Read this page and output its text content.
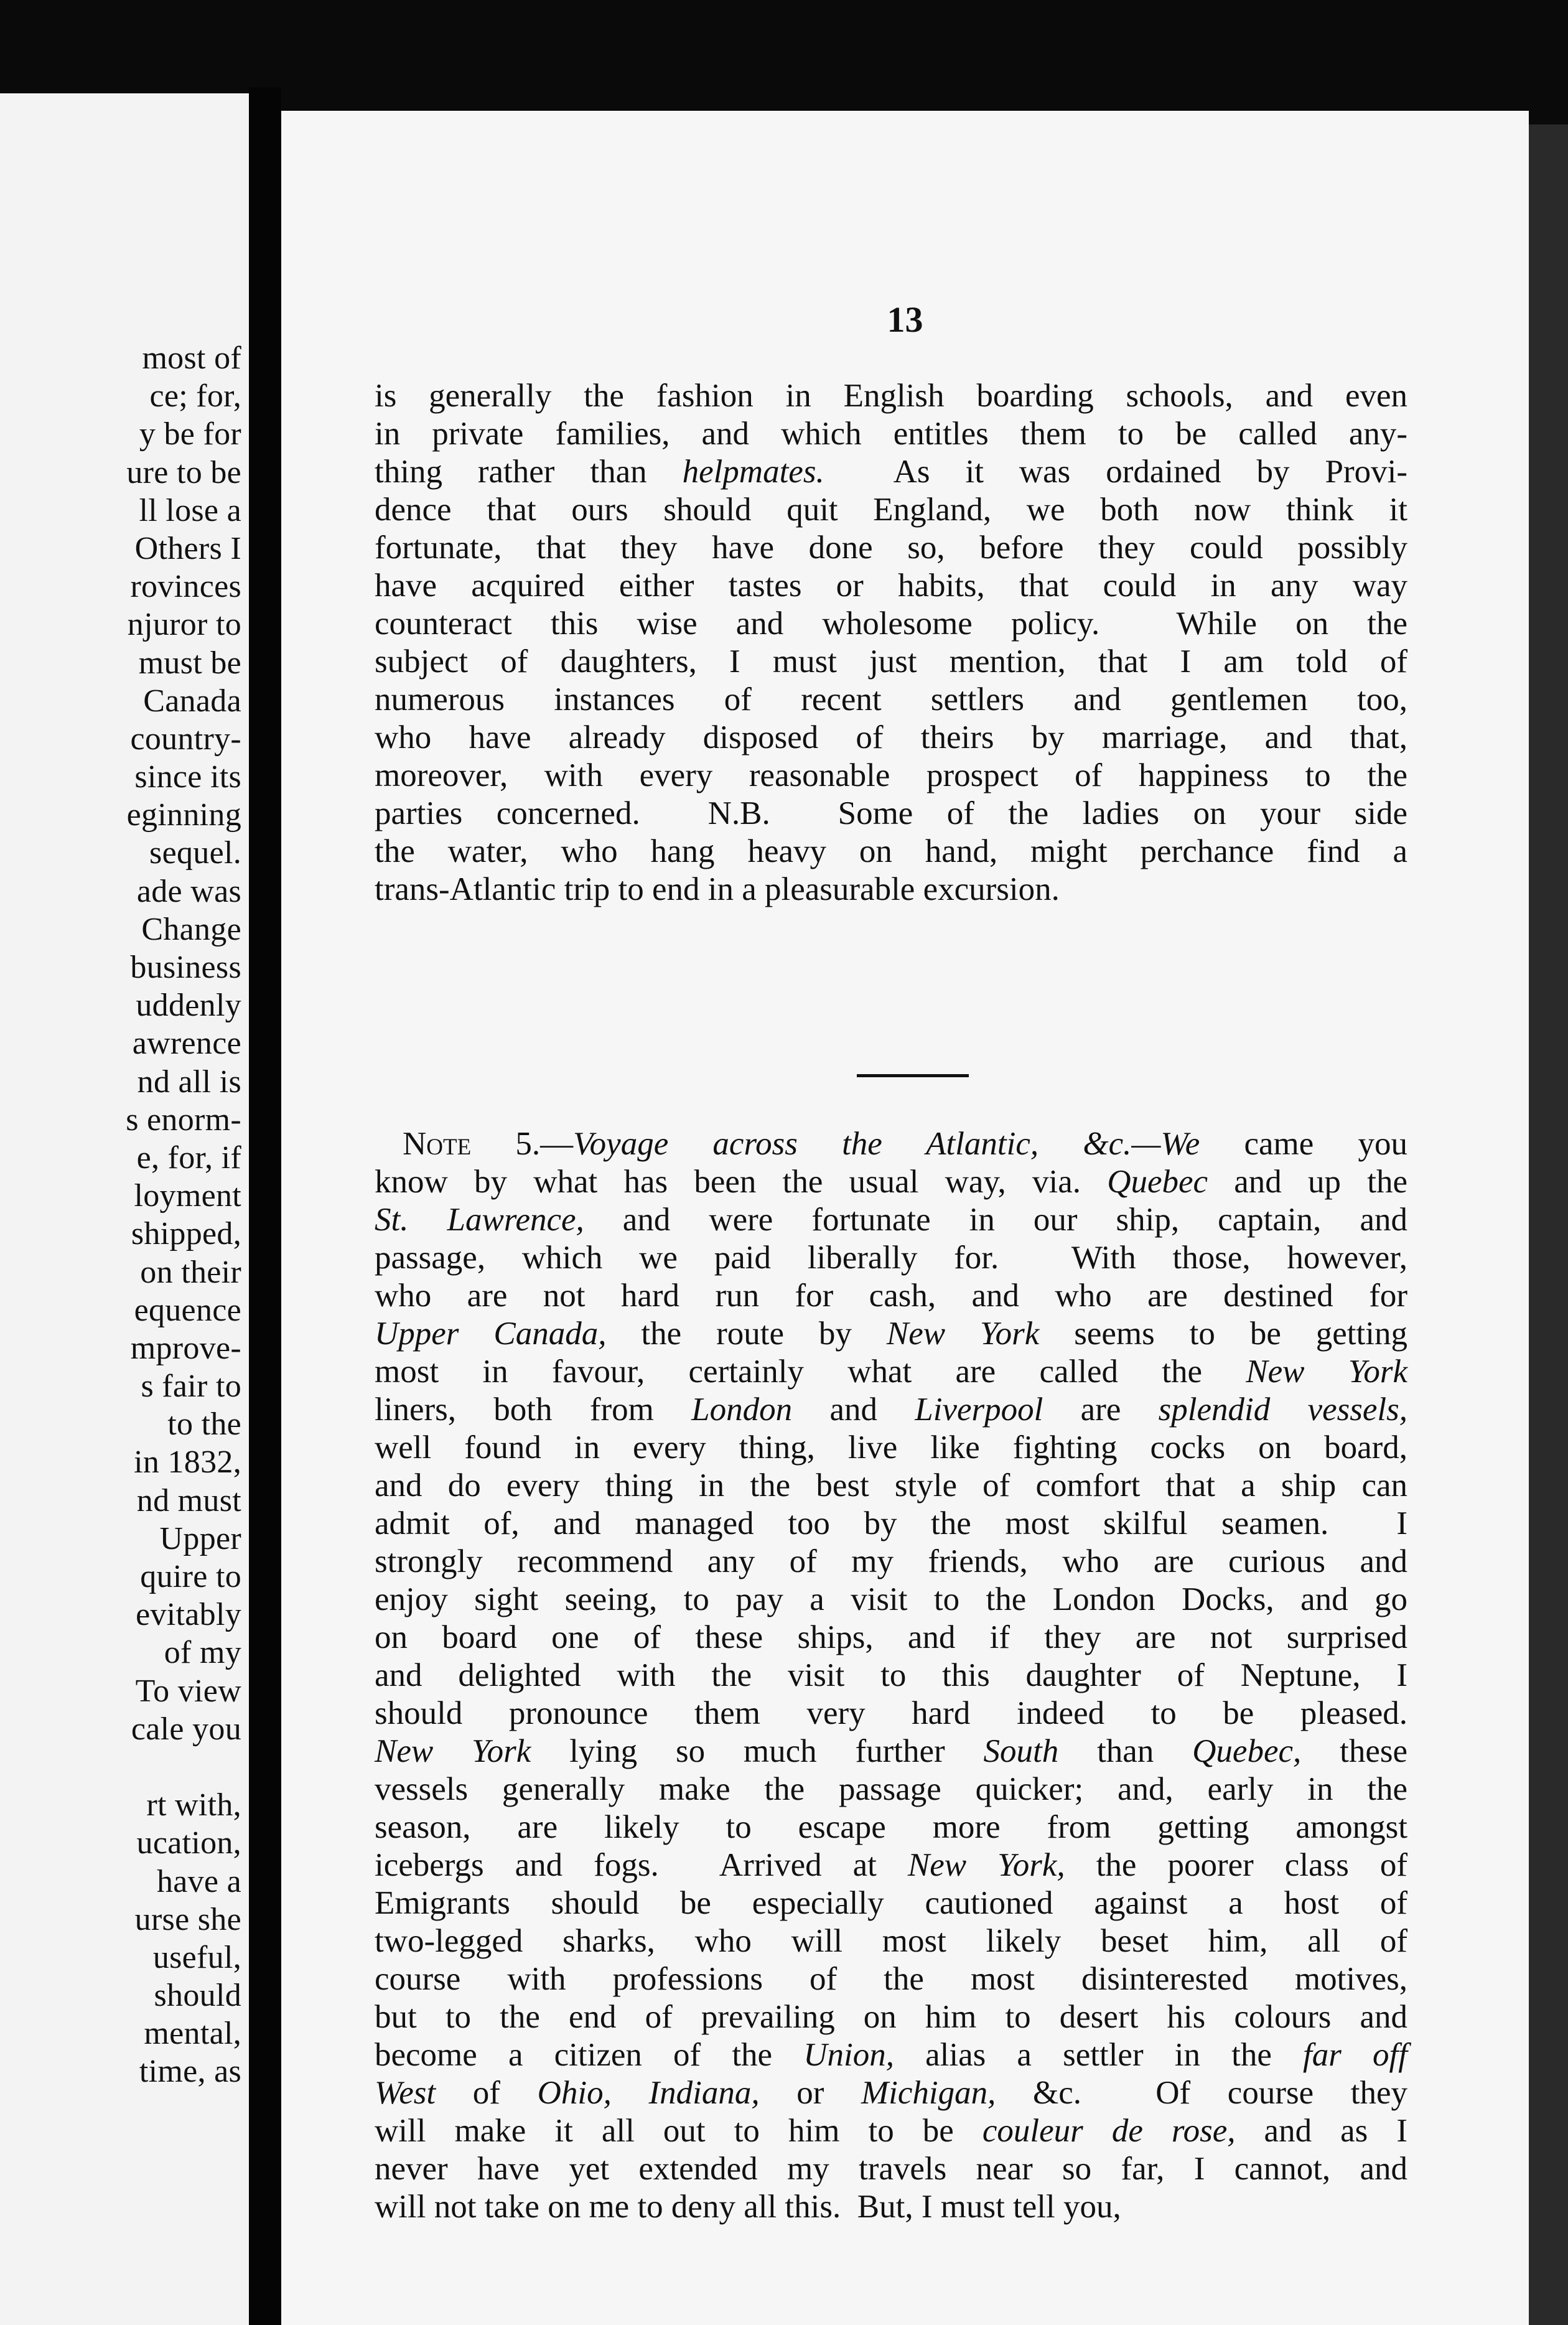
most of
ce; for,
y be for
ure to be
ll lose a
Others I
rovinces
njuror to
must be
Canada
country-
since its
eginning
sequel.
ade was
Change
business
uddenly
awrence
nd all is
s enorm-
e, for, if
loyment
shipped,
on their
equence
mprove-
s fair to
to the
in 1832,
nd must
Upper
quire to
evitably
of my
To view
cale you
rt with,
ucation,
have a
urse she
useful,
should
mental,
time, as
13
is generally the fashion in English boarding schools, and even
in private families, and which entitles them to be called any-
thing rather than helpmates.  As it was ordained by Provi-
dence that ours should quit England, we both now think it
fortunate, that they have done so, before they could possibly
have acquired either tastes or habits, that could in any way
counteract this wise and wholesome policy.  While on the
subject of daughters, I must just mention, that I am told of
numerous instances of recent settlers and gentlemen too,
who have already disposed of theirs by marriage, and that,
moreover, with every reasonable prospect of happiness to the
parties concerned.  N.B.  Some of the ladies on your side
the water, who hang heavy on hand, might perchance find a
trans-Atlantic trip to end in a pleasurable excursion.
Note 5.—Voyage across the Atlantic, &c.—We came you
know by what has been the usual way, via. Quebec and up the
St. Lawrence, and were fortunate in our ship, captain, and
passage, which we paid liberally for.  With those, however,
who are not hard run for cash, and who are destined for
Upper Canada, the route by New York seems to be getting
most in favour, certainly what are called the New York
liners, both from London and Liverpool are splendid vessels,
well found in every thing, live like fighting cocks on board,
and do every thing in the best style of comfort that a ship can
admit of, and managed too by the most skilful seamen.  I
strongly recommend any of my friends, who are curious and
enjoy sight seeing, to pay a visit to the London Docks, and go
on board one of these ships, and if they are not surprised
and delighted with the visit to this daughter of Neptune, I
should pronounce them very hard indeed to be pleased.
New York lying so much further South than Quebec, these
vessels generally make the passage quicker; and, early in the
season, are likely to escape more from getting amongst
icebergs and fogs.  Arrived at New York, the poorer class of
Emigrants should be especially cautioned against a host of
two-legged sharks, who will most likely beset him, all of
course with professions of the most disinterested motives,
but to the end of prevailing on him to desert his colours and
become a citizen of the Union, alias a settler in the far off
West of Ohio, Indiana, or Michigan, &c.  Of course they
will make it all out to him to be couleur de rose, and as I
never have yet extended my travels near so far, I cannot, and
will not take on me to deny all this.  But, I must tell you,
